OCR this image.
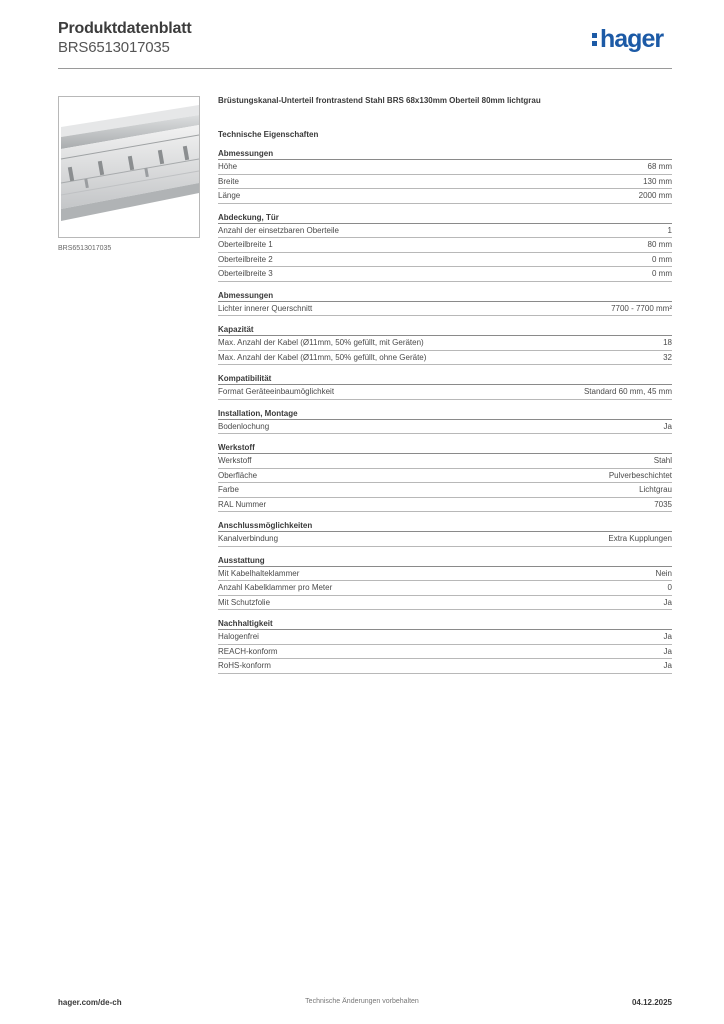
Produktdatenblatt
BRS6513017035	hager
BRS6513017035
Brüstungskanal-Unterteil frontrastend Stahl BRS 68x130mm Oberteil 80mm lichtgrau
Technische Eigenschaften
Abmessungen
Höhe	68 mm
Breite	130 mm
Länge	2000 mm
Abdeckung, Tür
Anzahl der einsetzbaren Oberteile	1
Oberteilbreite 1	80 mm
Oberteilbreite 2	0 mm
Oberteilbreite 3	0 mm
Abmessungen
Lichter innerer Querschnitt	7700 - 7700 mm²
Kapazität
Max. Anzahl der Kabel (Ø11mm, 50% gefüllt, mit Geräten)	18
Max. Anzahl der Kabel (Ø11mm, 50% gefüllt, ohne Geräte)	32
Kompatibilität
Format Geräteeinbaumöglichkeit	Standard 60 mm, 45 mm
Installation, Montage
Bodenlochung	Ja
Werkstoff
Werkstoff	Stahl
Oberfläche	Pulverbeschichtet
Farbe	Lichtgrau
RAL Nummer	7035
Anschlussmöglichkeiten
Kanalverbindung	Extra Kupplungen
Ausstattung
Mit Kabelhalteklammer	Nein
Anzahl Kabelklammer pro Meter	0
Mit Schutzfolie	Ja
Nachhaltigkeit
Halogenfrei	Ja
REACH-konform	Ja
RoHS-konform	Ja
hager.com/de-ch	Technische Änderungen vorbehalten	04.12.2025
